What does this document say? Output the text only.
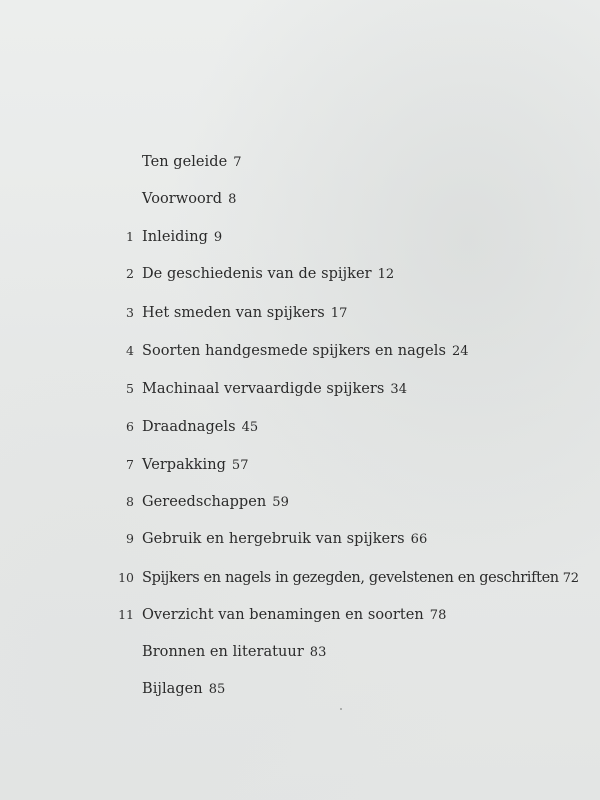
Ten geleide 7
Voorwoord 8
1 Inleiding 9
2 De geschiedenis van de spijker 12
3 Het smeden van spijkers 17
4 Soorten handgesmede spijkers en nagels 24
5 Machinaal vervaardigde spijkers 34
6 Draadnagels 45
7 Verpakking 57
8 Gereedschappen 59
9 Gebruik en hergebruik van spijkers 66
10 Spijkers en nagels in gezegden, gevelstenen en geschriften 72
11 Overzicht van benamingen en soorten 78
Bronnen en literatuur 83
Bijlagen 85
